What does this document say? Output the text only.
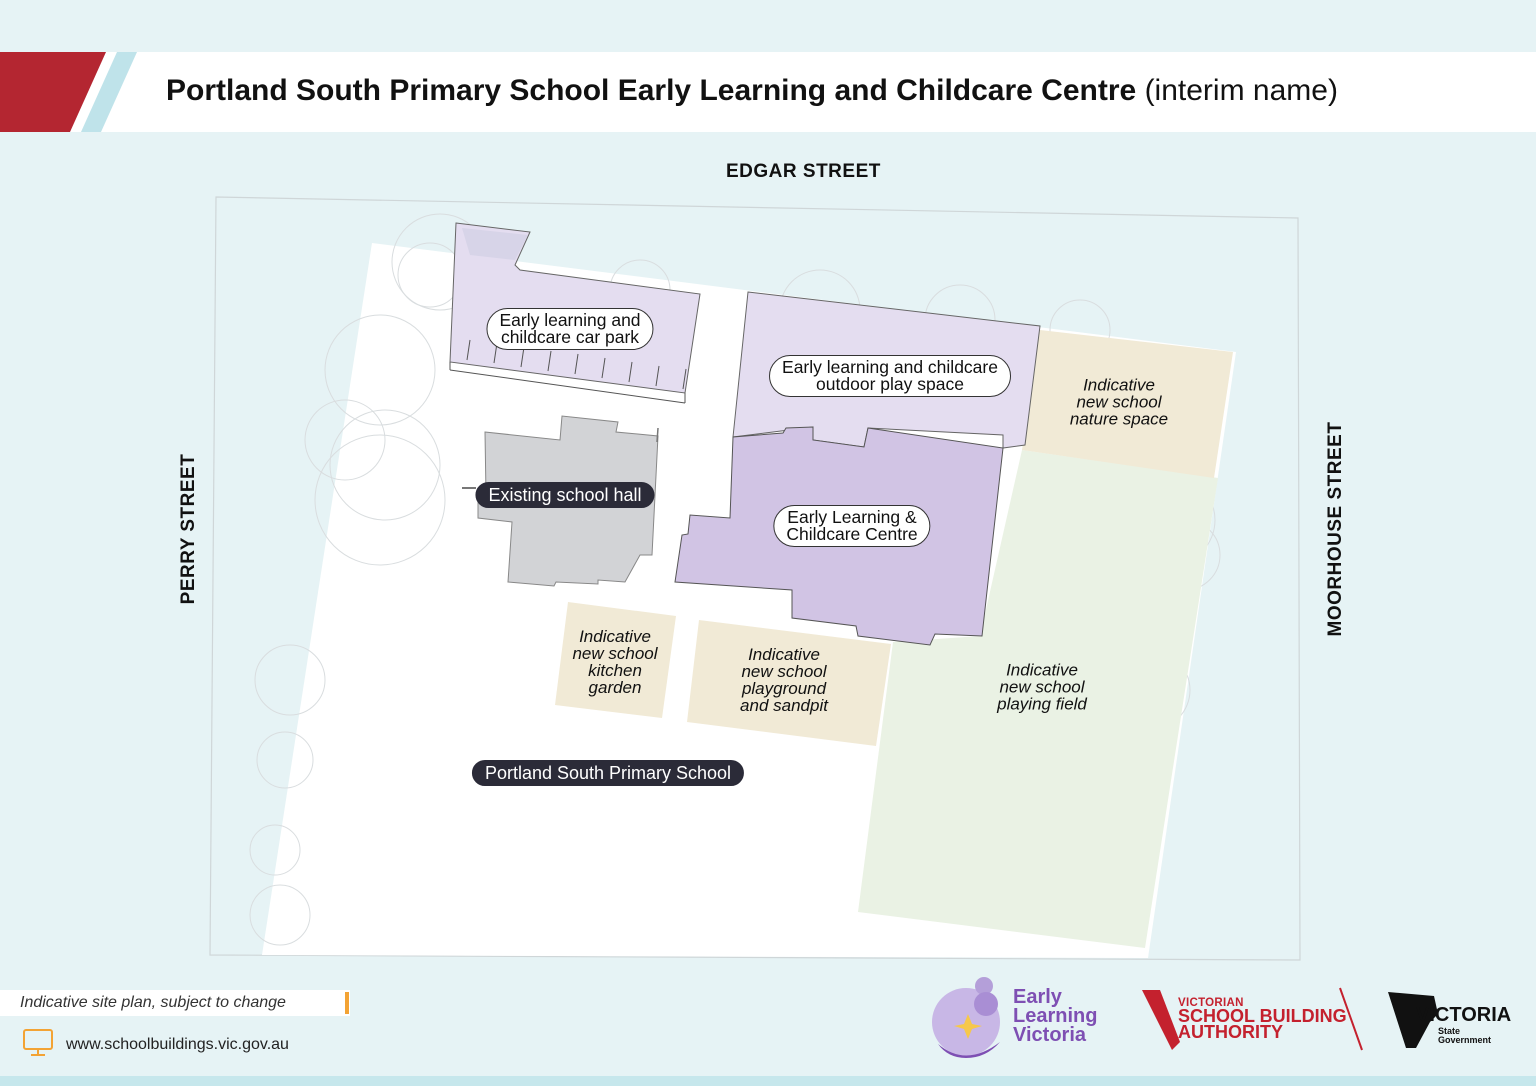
Portland South Primary School Early Learning and Childcare Centre (interim name)
EDGAR STREET
PERRY STREET	MOORHOUSE STREET
Early learning and
childcare car park
Early learning and childcare
outdoor play space
Early Learning &
Childcare Centre
Existing school hall
Portland South Primary School
Indicative
new school
nature space
Indicative
new school
kitchen
garden
Indicative
new school
playground
and sandpit
Indicative
new school
playing field
Indicative site plan, subject to change
www.schoolbuildings.vic.gov.au
Early
Learning
Victoria
VICTORIAN
SCHOOL BUILDING
AUTHORITY
VICTORIA
State
Government
